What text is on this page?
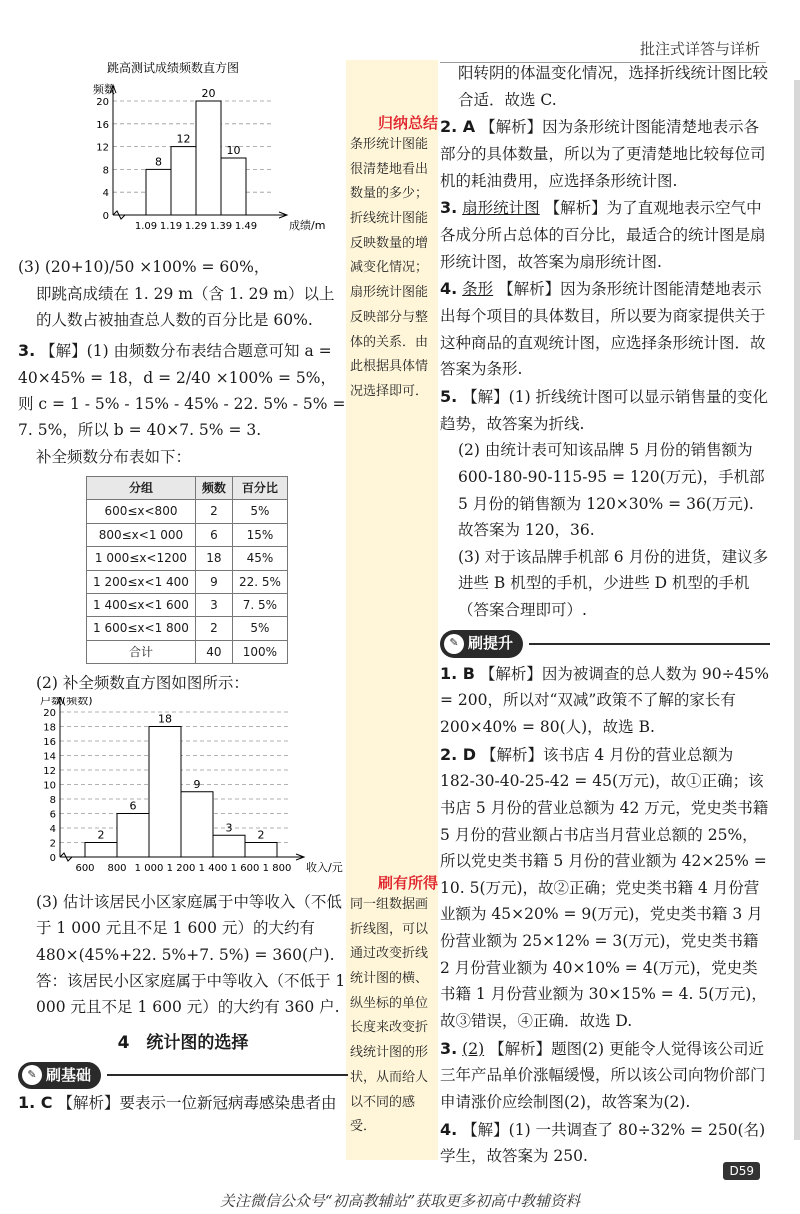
批注式详答与详析
跳高测试成绩频数直方图
频数
0
4
8
12
16
20
8
12
20
10
1.09 1.19 1.29 1.39 1.49	成绩/m
(3) (20+10)/50 ×100% = 60%，
即跳高成绩在 1. 29 m（含 1. 29 m）以上的人数占被抽查总人数的百分比是 60%.
3. 【解】(1) 由频数分布表结合题意可知 a = 40×45% = 18，d = 2/40 ×100% = 5%，则 c = 1 - 5% - 15% - 45% - 22. 5% - 5% = 7. 5%，所以 b = 40×7. 5% = 3.
补全频数分布表如下：
分组	频数	百分比
600≤x<800	2	5%
800≤x<1 000	6	15%
1 000≤x<1200	18	45%
1 200≤x<1 400	9	22. 5%
1 400≤x<1 600	3	7. 5%
1 600≤x<1 800	2	5%
合计	40	100%
(2) 补全频数直方图如图所示：
户数(频数)
0
2
4
6
8
10
12
14
16
18
20
2
6
18
9
3
2
600 800 1 000 1 200 1 400 1 600 1 800 收入/元
(3) 估计该居民小区家庭属于中等收入（不低于 1 000 元且不足 1 600 元）的大约有 480×(45%+22. 5%+7. 5%) = 360(户).
答：该居民小区家庭属于中等收入（不低于 1 000 元且不足 1 600 元）的大约有 360 户.
4　统计图的选择
✎ 刷基础
1. C 【解析】要表示一位新冠病毒感染患者由
归纳总结
条形统计图能很清楚地看出数量的多少；折线统计图能反映数量的增减变化情况；扇形统计图能反映部分与整体的关系．由此根据具体情况选择即可．
刷有所得
同一组数据画折线图，可以通过改变折线统计图的横、纵坐标的单位长度来改变折线统计图的形状，从而给人以不同的感受．
阳转阴的体温变化情况，选择折线统计图比较合适．故选 C.
2. A 【解析】因为条形统计图能清楚地表示各部分的具体数量，所以为了更清楚地比较每位司机的耗油费用，应选择条形统计图.
3. 扇形统计图 【解析】为了直观地表示空气中各成分所占总体的百分比，最适合的统计图是扇形统计图，故答案为扇形统计图.
4. 条形 【解析】因为条形统计图能清楚地表示出每个项目的具体数目，所以要为商家提供关于这种商品的直观统计图，应选择条形统计图．故答案为条形.
5. 【解】(1) 折线统计图可以显示销售量的变化趋势，故答案为折线.
(2) 由统计表可知该品牌 5 月份的销售额为 600-180-90-115-95 = 120(万元)，手机部 5 月份的销售额为 120×30% = 36(万元).
故答案为 120，36.
(3) 对于该品牌手机部 6 月份的进货，建议多进些 B 机型的手机，少进些 D 机型的手机（答案合理即可）.
✎ 刷提升
1. B 【解析】因为被调查的总人数为 90÷45% = 200，所以对“双减”政策不了解的家长有 200×40% = 80(人)，故选 B.
2. D 【解析】该书店 4 月份的营业总额为 182-30-40-25-42 = 45(万元)，故①正确；该书店 5 月份的营业总额为 42 万元，党史类书籍 5 月份的营业额占书店当月营业总额的 25%，所以党史类书籍 5 月份的营业额为 42×25% = 10. 5(万元)，故②正确；党史类书籍 4 月份营业额为 45×20% = 9(万元)，党史类书籍 3 月份营业额为 25×12% = 3(万元)，党史类书籍 2 月份营业额为 40×10% = 4(万元)，党史类书籍 1 月份营业额为 30×15% = 4. 5(万元)，故③错误，④正确．故选 D.
3. (2) 【解析】题图(2) 更能令人觉得该公司近三年产品单价涨幅缓慢，所以该公司向物价部门申请涨价应绘制图(2)，故答案为(2).
4. 【解】(1) 一共调查了 80÷32% = 250(名) 学生，故答案为 250.
D59
关注微信公众号“初高教辅站”获取更多初高中教辅资料
